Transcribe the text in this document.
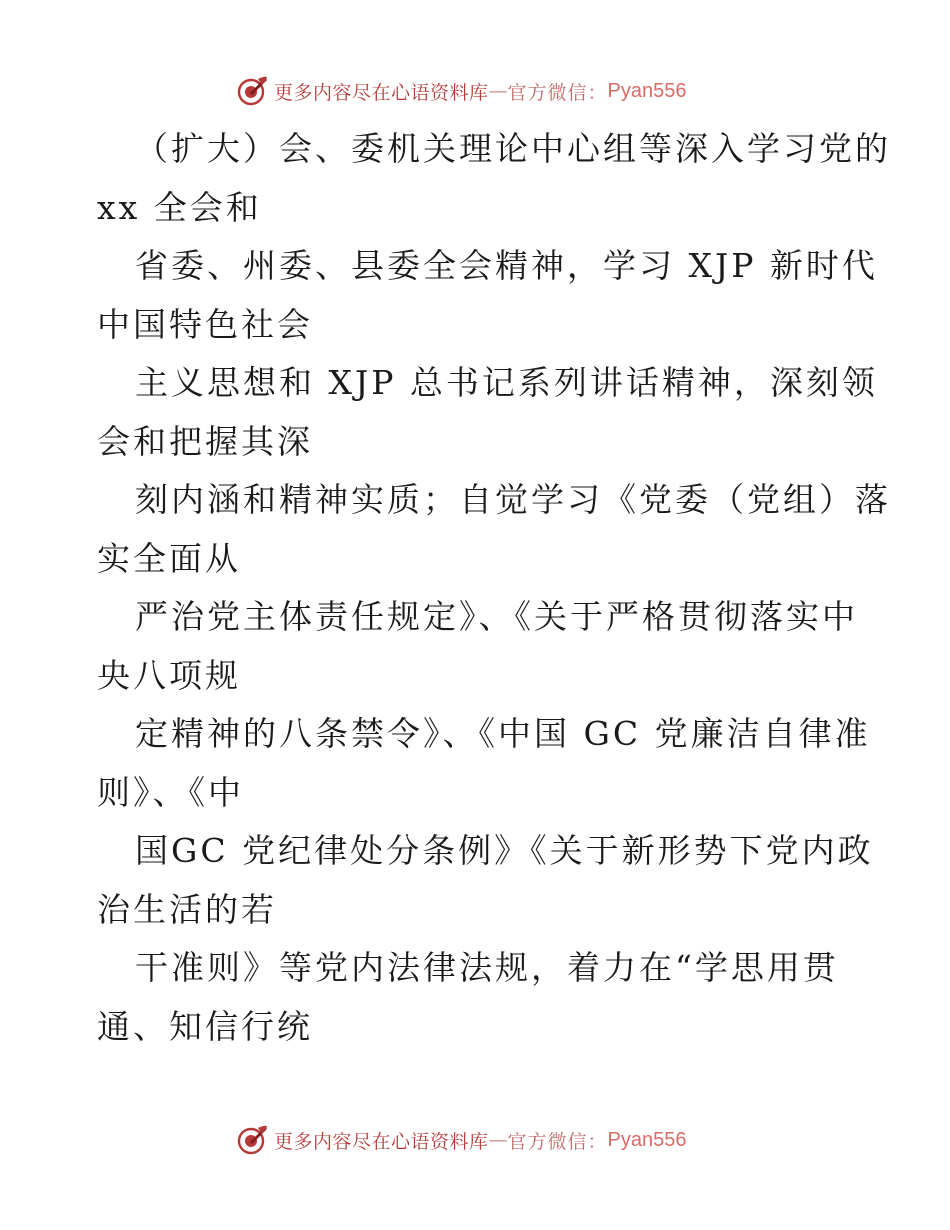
更多内容尽在心语资料库 — 官方微信： Pyan556
（扩大）会、委机关理论中心组等深入学习党的
xx 全会和
省委、州委、县委全会精神，学习 XJP 新时代
中国特色社会
主义思想和 XJP 总书记系列讲话精神，深刻领
会和把握其深
刻内涵和精神实质；自觉学习《党委（党组）落
实全面从
严治党主体责任规定》、《关于严格贯彻落实中
央八项规
定精神的八条禁令》、《中国 GC 党廉洁自律准
则》、《中
国GC 党纪律处分条例》《关于新形势下党内政
治生活的若
干准则》等党内法律法规，着力在“学思用贯
通、知信行统
更多内容尽在心语资料库 — 官方微信： Pyan556
